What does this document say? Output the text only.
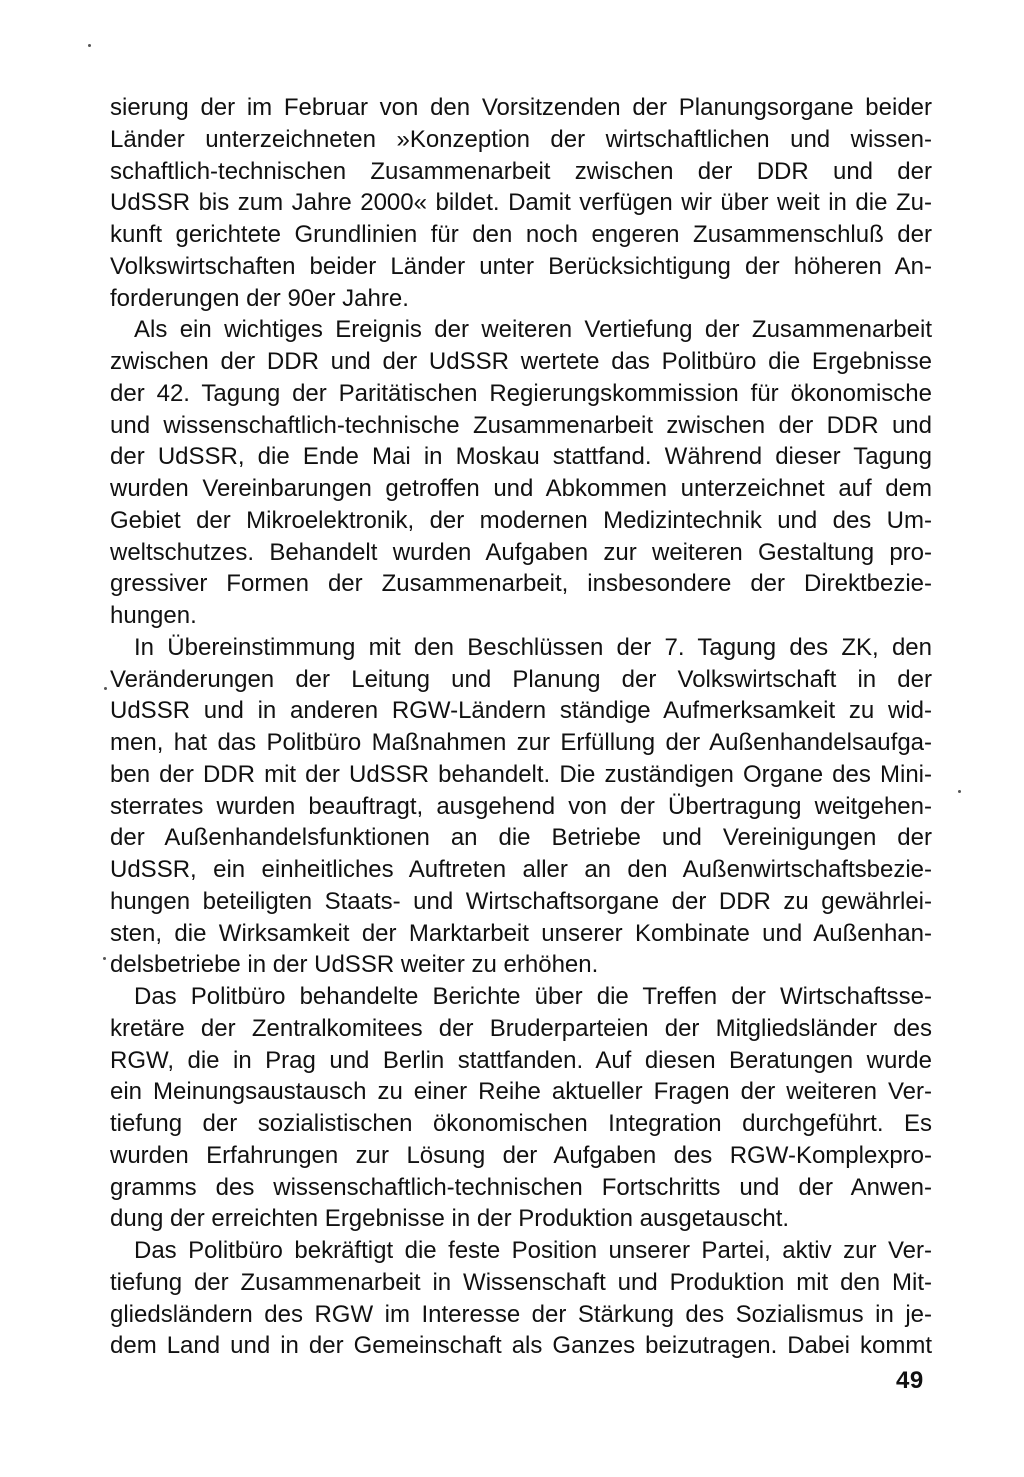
sierung der im Februar von den Vorsitzenden der Planungsorgane beider
Länder unterzeichneten »Konzeption der wirtschaftlichen und wissen-
schaftlich-technischen Zusammenarbeit zwischen der DDR und der
UdSSR bis zum Jahre 2000« bildet. Damit verfügen wir über weit in die Zu-
kunft gerichtete Grundlinien für den noch engeren Zusammenschluß der
Volkswirtschaften beider Länder unter Berücksichtigung der höheren An-
forderungen der 90er Jahre.
Als ein wichtiges Ereignis der weiteren Vertiefung der Zusammenarbeit
zwischen der DDR und der UdSSR wertete das Politbüro die Ergebnisse
der 42. Tagung der Paritätischen Regierungskommission für ökonomische
und wissenschaftlich-technische Zusammenarbeit zwischen der DDR und
der UdSSR, die Ende Mai in Moskau stattfand. Während dieser Tagung
wurden Vereinbarungen getroffen und Abkommen unterzeichnet auf dem
Gebiet der Mikroelektronik, der modernen Medizintechnik und des Um-
weltschutzes. Behandelt wurden Aufgaben zur weiteren Gestaltung pro-
gressiver Formen der Zusammenarbeit, insbesondere der Direktbezie-
hungen.
In Übereinstimmung mit den Beschlüssen der 7. Tagung des ZK, den
Veränderungen der Leitung und Planung der Volkswirtschaft in der
UdSSR und in anderen RGW-Ländern ständige Aufmerksamkeit zu wid-
men, hat das Politbüro Maßnahmen zur Erfüllung der Außenhandelsaufga-
ben der DDR mit der UdSSR behandelt. Die zuständigen Organe des Mini-
sterrates wurden beauftragt, ausgehend von der Übertragung weitgehen-
der Außenhandelsfunktionen an die Betriebe und Vereinigungen der
UdSSR, ein einheitliches Auftreten aller an den Außenwirtschaftsbezie-
hungen beteiligten Staats- und Wirtschaftsorgane der DDR zu gewährlei-
sten, die Wirksamkeit der Marktarbeit unserer Kombinate und Außenhan-
delsbetriebe in der UdSSR weiter zu erhöhen.
Das Politbüro behandelte Berichte über die Treffen der Wirtschaftsse-
kretäre der Zentralkomitees der Bruderparteien der Mitgliedsländer des
RGW, die in Prag und Berlin stattfanden. Auf diesen Beratungen wurde
ein Meinungsaustausch zu einer Reihe aktueller Fragen der weiteren Ver-
tiefung der sozialistischen ökonomischen Integration durchgeführt. Es
wurden Erfahrungen zur Lösung der Aufgaben des RGW-Komplexpro-
gramms des wissenschaftlich-technischen Fortschritts und der Anwen-
dung der erreichten Ergebnisse in der Produktion ausgetauscht.
Das Politbüro bekräftigt die feste Position unserer Partei, aktiv zur Ver-
tiefung der Zusammenarbeit in Wissenschaft und Produktion mit den Mit-
gliedsländern des RGW im Interesse der Stärkung des Sozialismus in je-
dem Land und in der Gemeinschaft als Ganzes beizutragen. Dabei kommt
49
